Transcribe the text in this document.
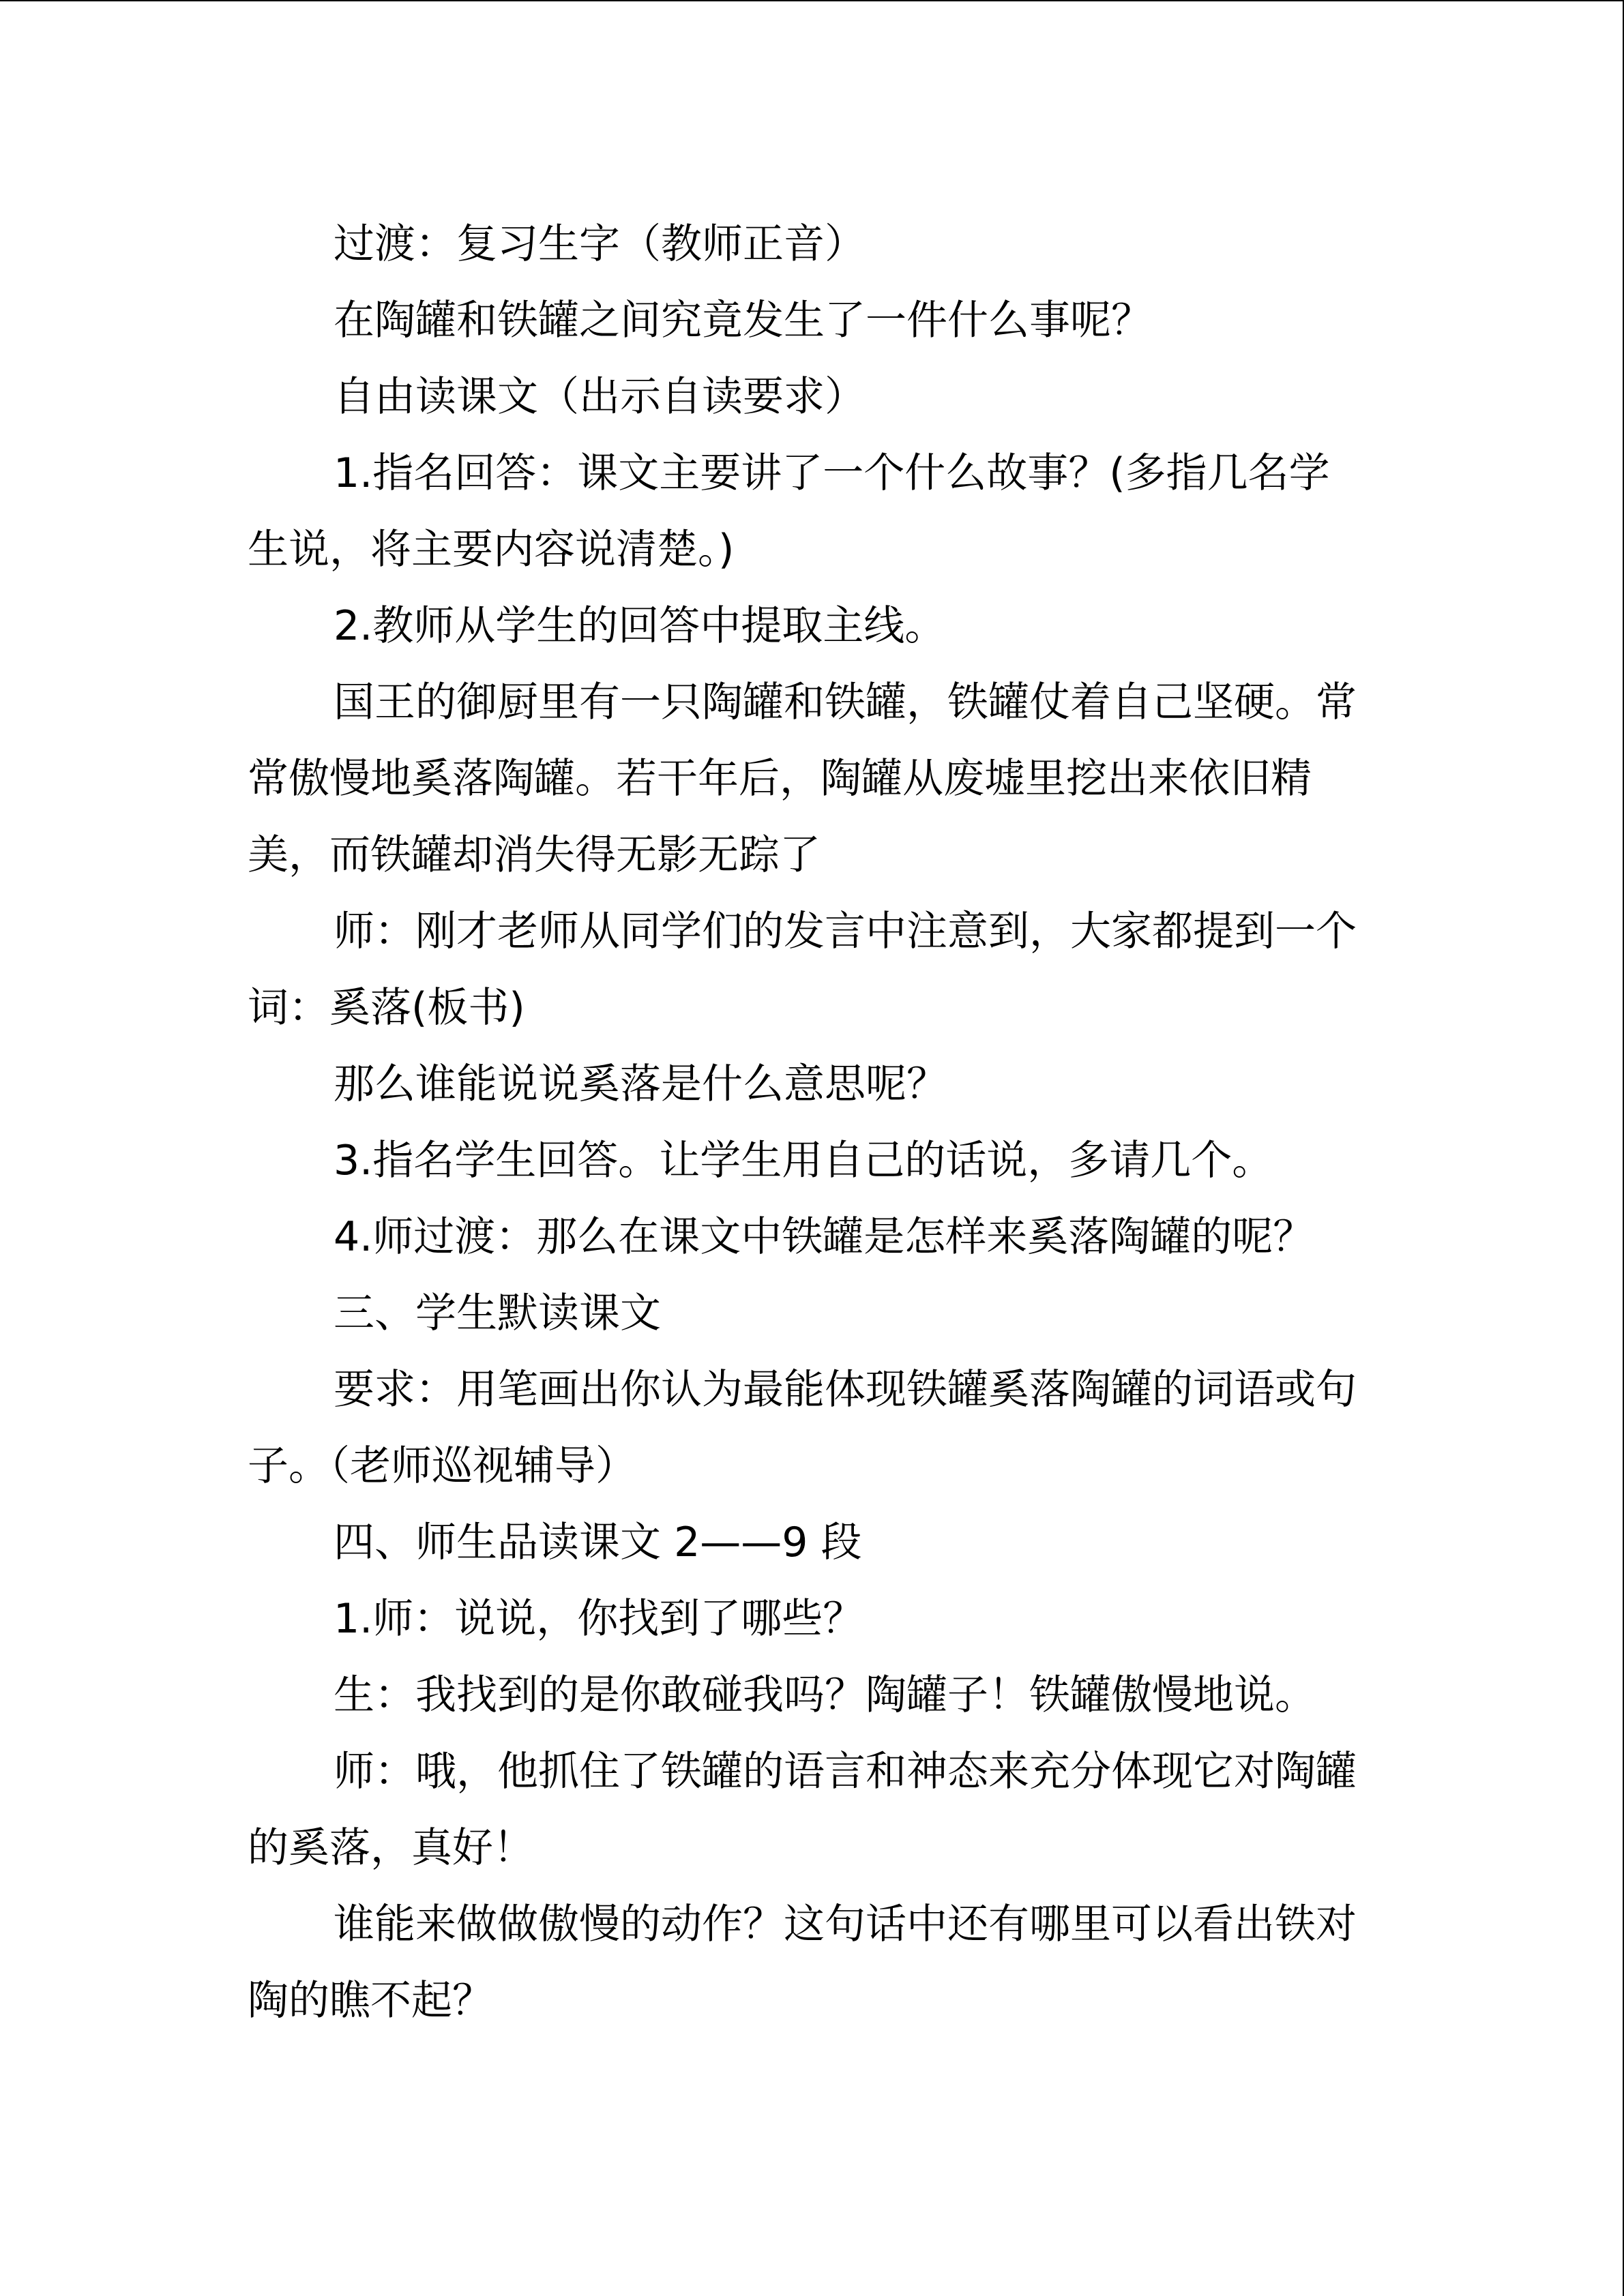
过渡：复习生字（教师正音）

在陶罐和铁罐之间究竟发生了一件什么事呢？

自由读课文（出示自读要求）

1.指名回答：课文主要讲了一个什么故事？(多指几名学生说，将主要内容说清楚。)

2.教师从学生的回答中提取主线。

国王的御厨里有一只陶罐和铁罐，铁罐仗着自己坚硬。常常傲慢地奚落陶罐。若干年后，陶罐从废墟里挖出来依旧精美，而铁罐却消失得无影无踪了

师：刚才老师从同学们的发言中注意到，大家都提到一个词：奚落(板书)

那么谁能说说奚落是什么意思呢？

3.指名学生回答。让学生用自己的话说，多请几个。

4.师过渡：那么在课文中铁罐是怎样来奚落陶罐的呢？

三、学生默读课文

要求：用笔画出你认为最能体现铁罐奚落陶罐的词语或句子。（老师巡视辅导）

四、师生品读课文 2——9 段

1.师：说说，你找到了哪些？

生：我找到的是你敢碰我吗？陶罐子！铁罐傲慢地说。

师：哦，他抓住了铁罐的语言和神态来充分体现它对陶罐的奚落，真好！

谁能来做做傲慢的动作？这句话中还有哪里可以看出铁对陶的瞧不起？
